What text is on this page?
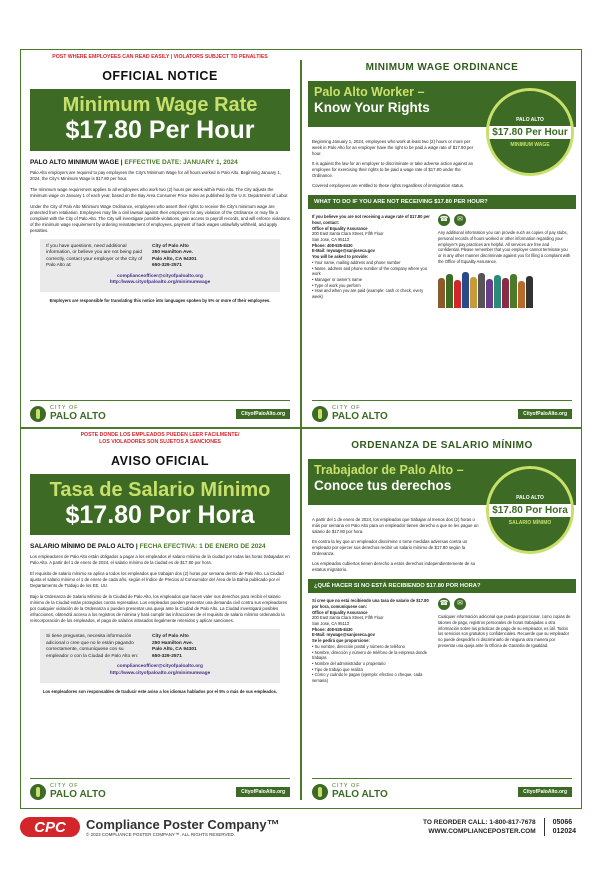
POST WHERE EMPLOYEES CAN READ EASILY | VIOLATORS SUBJECT TO PENALTIES
OFFICIAL NOTICE
Minimum Wage Rate
$17.80 Per Hour
PALO ALTO MINIMUM WAGE | EFFECTIVE DATE: JANUARY 1, 2024
Palo Alto employers are required to pay employees the City's Minimum Wage for all hours worked in Palo Alto. Beginning January 1, 2024, the City's Minimum Wage is $17.80 per hour.
The minimum wage requirement applies to all employees who work two (2) hours per week within Palo Alto. The City adjusts the minimum wage on January 1 of each year, based on the Bay Area Consumer Price Index as published by the U.S. Department of Labor.
Under the City of Palo Alto Minimum Wage Ordinance, employees who assert their rights to receive the City's minimum wage are protected from retaliation. Employees may file a civil lawsuit against their employers for any violation of the Ordinance or may file a complaint with the City of Palo Alto. The City will investigate possible violations, gain access to payroll records, and will enforce violations of the minimum wage requirement by ordering reinstatement of employees, payment of back wages unlawfully withheld, and apply penalties.
If you have questions, need additional information, or believe you are not being paid correctly, contact your employer or the City of Palo Alto at:
City of Palo Alto
250 Hamilton Ave.
Palo Alto, CA 94301
650-329-2571
complianceofficer@cityofpaloalto.org
http://www.cityofpaloalto.org/minimumwage
Employers are responsible for translating this notice into languages spoken by 5% or more of their employees.
CITY OF
PALO ALTO	CityofPaloAlto.org
POSTE DONDE LOS EMPLEADOS PUEDEN LEER FÁCILMENTE/
LOS VIOLADORES SON SUJETOS A SANCIONES
AVISO OFICIAL
Tasa de Salario Mínimo
$17.80 Por Hora
SALARIO MÍNIMO DE PALO ALTO | FECHA EFECTIVA: 1 DE ENERO DE 2024
Los empleadores de Palo Alto están obligados a pagar a los empleados el salario mínimo de la ciudad por todas las horas trabajadas en Palo Alto. A partir del 1 de enero de 2024, el salario mínimo de la ciudad es de $17.80 por hora.
El requisito de salario mínimo se aplica a todos los empleados que trabajan dos (2) horas por semana dentro de Palo Alto. La Ciudad ajusta el salario mínimo el 1 de enero de cada año, según el Índice de Precios al Consumidor del Área de la Bahía publicado por el Departamento de Trabajo de los EE. UU.
Bajo la Ordenanza de Salario Mínimo de la Ciudad de Palo Alto, los empleados que hacen valer sus derechos para recibir el salario mínimo de la Ciudad están protegidos contra represalias. Los empleados pueden presentar una demanda civil contra sus empleadores por cualquier violación de la Ordenanza o pueden presentar una queja ante la Ciudad de Palo Alto. La Ciudad investigará posibles infracciones, obtendrá acceso a los registros de nómina y hará cumplir las infracciones de el requisito de salario mínimo ordenando la reincorporación de los empleados, el pago de salarios atrasados ilegalmente retenidos y aplicar sanciones.
Si tiene preguntas, necesita información adicional o cree que no le están pagando correctamente, comuníquese con su empleador o con la Ciudad de Palo Alto en:
City of Palo Alto
250 Hamilton Ave.
Palo Alto, CA 94301
650-329-2571
complianceofficer@cityofpaloalto.org
http://www.cityofpaloalto.org/minimumwage
Los empleadores son responsables de traducir este aviso a los idiomas hablados por el 5% o más de sus empleados.
CITY OF
PALO ALTO	CityofPaloAlto.org
MINIMUM WAGE ORDINANCE
Palo Alto Worker –
Know Your Rights
PALO ALTO
$17.80 Per Hour
MINIMUM WAGE
Beginning January 1, 2024, employees who work at least two (2) hours or more per week in Palo Alto for an employer have the right to be paid a wage rate of $17.80 per hour.
It is against the law for an employer to discriminate or take adverse action against an employee for exercising their rights to be paid a wage rate of $17.80 under the Ordinance.
Covered employees are entitled to these rights regardless of immigration status.
WHAT TO DO IF YOU ARE NOT RECEIVING $17.80 PER HOUR?
If you believe you are not receiving a wage rate of $17.80 per hour, contact:
Office of Equality Assurance
200 East Santa Clara Street, Fifth Floor
San Jose, CA 95113
Phone: 408-535-8430
E-Mail: mywage@sanjoseca.gov
You will be asked to provide:
• Your name, mailing address and phone number
• Name, address and phone number of the company where you work
• Manager or owner's name
• Type of work you perform
• How and when you are paid (example: cash or check, every week)
☎	✉
Any additional information you can provide such as copies of pay stubs, personal records of hours worked or other information regarding your employer's pay practices are helpful. All services are free and confidential. Please remember that your employer cannot terminate you or in any other manner discriminate against you for filing a complaint with the Office of Equality Assurance.
CITY OF
PALO ALTO	CityofPaloAlto.org
ORDENANZA DE SALARIO MÍNIMO
Trabajador de Palo Alto –
Conoce tus derechos
PALO ALTO
$17.80 Por Hora
SALARIO MÍNIMO
A partir del 1 de enero de 2024, los empleados que trabajan al menos dos (2) horas o más por semana en Palo Alto para un empleador tienen derecho a que se les pague un salario de $17.80 por hora.
Es contra la ley que un empleador discrimine o tome medidas adversas contra un empleado por ejercer sus derechos recibir un salario mínimo de $17.80 según la Ordenanza.
Los empleados cubiertos tienen derecho a estos derechos independientemente de su estatus migratorio.
¿QUÉ HACER SI NO ESTÁ RECIBIENDO $17.80 POR HORA?
Si cree que no está recibiendo una tasa de salario de $17.80 por hora, comuníquese con:
Office of Equality Assurance
200 East Santa Clara Street, Fifth Floor
San Jose, CA 95113
Phone: 408-535-8430
E-Mail: mywage@sanjoseca.gov
Se le pedirá que proporcione:
• Su nombre, dirección postal y número de teléfono
• Nombre, dirección y número de teléfono de la empresa donde trabajas
• Nombre del administrador o propietario
• Tipo de trabajo que realiza
• Cómo y cuándo le pagan (ejemplo: efectivo o cheque, cada semana)
☎	✉
Cualquier información adicional que pueda proporcionar, como copias de talones de pago, registros personales de horas trabajadas u otra información sobre las prácticas de pago de su empleador, es útil. Todos los servicios son gratuitos y confidenciales. Recuerde que su empleador no puede despedirlo ni discriminarlo de ninguna otra manera por presentar una queja ante la Oficina de Garantía de Igualdad.
CITY OF
PALO ALTO	CityofPaloAlto.org
CPC	Compliance Poster Company™
© 2023 COMPLIANCE POSTER COMPANY™. ALL RIGHTS RESERVED.
TO REORDER CALL: 1-800-817-7678
WWW.COMPLIANCEPOSTER.COM
05066
012024
